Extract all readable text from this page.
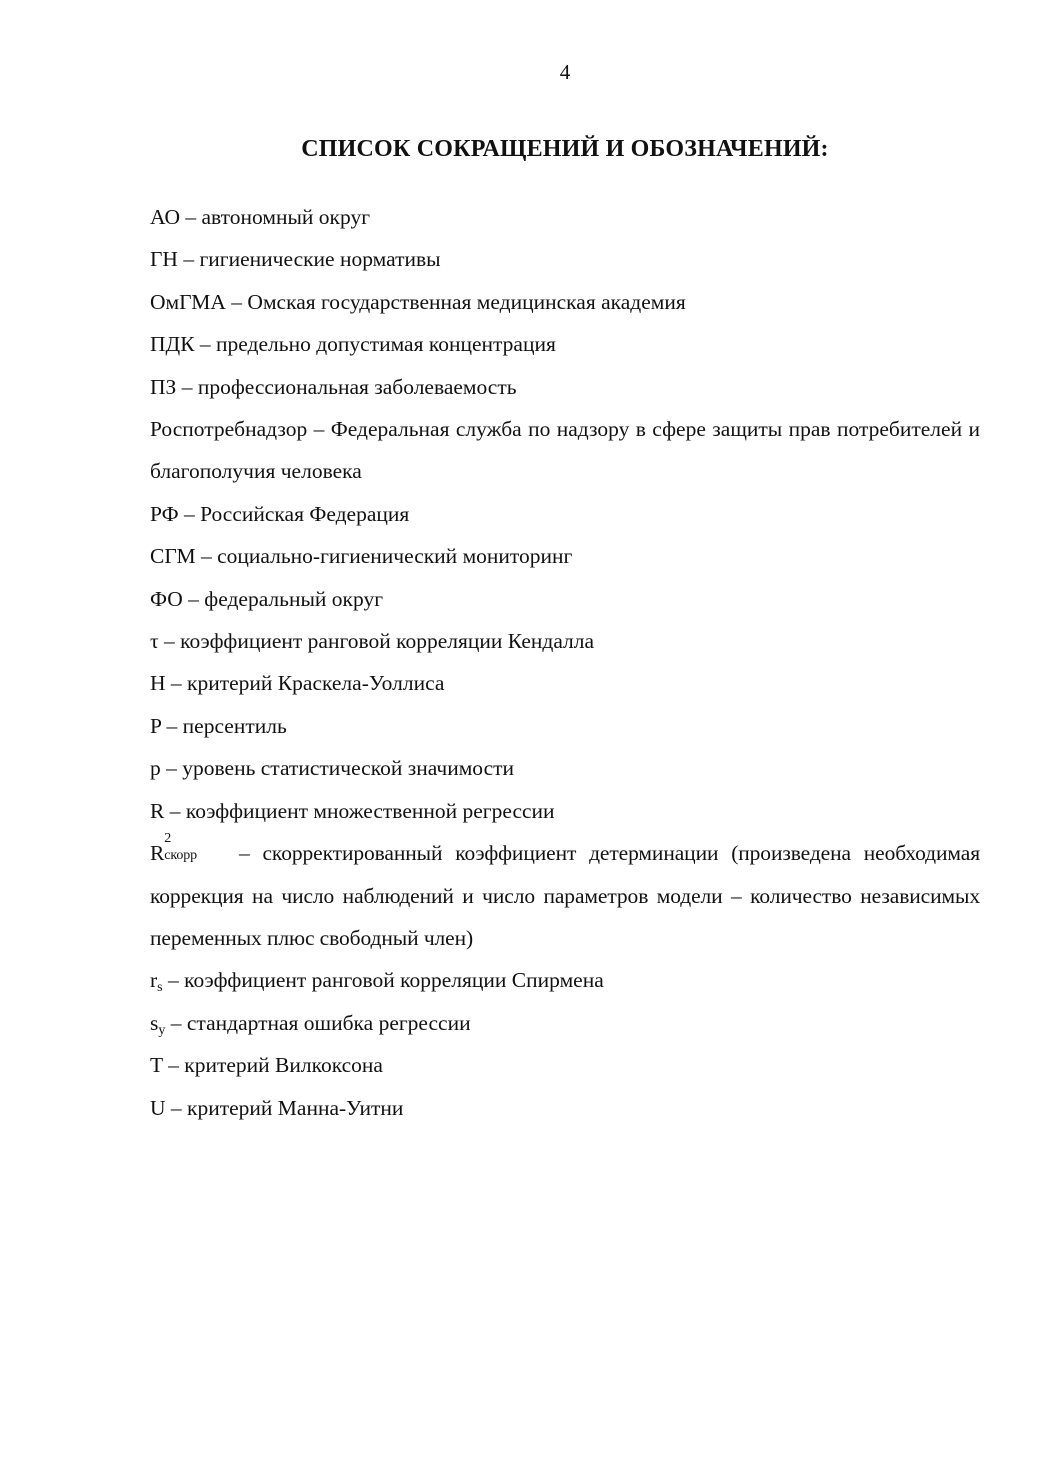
4
СПИСОК СОКРАЩЕНИЙ И ОБОЗНАЧЕНИЙ:
АО – автономный округ
ГН – гигиенические нормативы
ОмГМА – Омская государственная медицинская академия
ПДК – предельно допустимая концентрация
ПЗ – профессиональная заболеваемость
Роспотребнадзор – Федеральная служба по надзору в сфере защиты прав потребителей и благополучия человека
РФ – Российская Федерация
СГМ – социально-гигиенический мониторинг
ФО – федеральный округ
τ – коэффициент ранговой корреляции Кендалла
H – критерий Краскела-Уоллиса
P – персентиль
p – уровень статистической значимости
R – коэффициент множественной регрессии
R
2
скорр – скорректированный коэффициент детерминации (произведена необходимая коррекция на число наблюдений и число параметров модели – количество независимых переменных плюс свободный член)
$r_s$ – коэффициент ранговой корреляции Спирмена
$s_y$ – стандартная ошибка регрессии
T – критерий Вилкоксона
U – критерий Манна-Уитни
